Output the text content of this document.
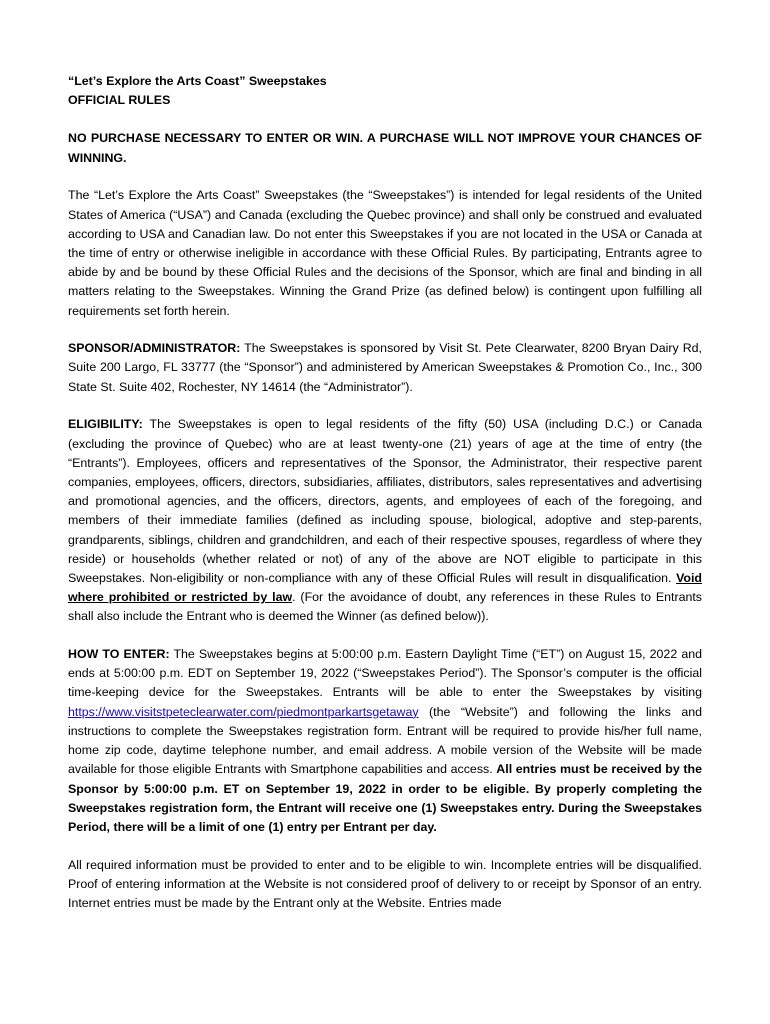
“Let’s Explore the Arts Coast” Sweepstakes
OFFICIAL RULES

NO PURCHASE NECESSARY TO ENTER OR WIN. A PURCHASE WILL NOT IMPROVE YOUR CHANCES OF WINNING.

The “Let’s Explore the Arts Coast” Sweepstakes (the “Sweepstakes”) is intended for legal residents of the United States of America (“USA”) and Canada (excluding the Quebec province) and shall only be construed and evaluated according to USA and Canadian law. Do not enter this Sweepstakes if you are not located in the USA or Canada at the time of entry or otherwise ineligible in accordance with these Official Rules. By participating, Entrants agree to abide by and be bound by these Official Rules and the decisions of the Sponsor, which are final and binding in all matters relating to the Sweepstakes. Winning the Grand Prize (as defined below) is contingent upon fulfilling all requirements set forth herein.

SPONSOR/ADMINISTRATOR: The Sweepstakes is sponsored by Visit St. Pete Clearwater, 8200 Bryan Dairy Rd, Suite 200 Largo, FL 33777 (the “Sponsor”) and administered by American Sweepstakes & Promotion Co., Inc., 300 State St. Suite 402, Rochester, NY 14614 (the “Administrator”).

ELIGIBILITY: The Sweepstakes is open to legal residents of the fifty (50) USA (including D.C.) or Canada (excluding the province of Quebec) who are at least twenty-one (21) years of age at the time of entry (the “Entrants”). Employees, officers and representatives of the Sponsor, the Administrator, their respective parent companies, employees, officers, directors, subsidiaries, affiliates, distributors, sales representatives and advertising and promotional agencies, and the officers, directors, agents, and employees of each of the foregoing, and members of their immediate families (defined as including spouse, biological, adoptive and step-parents, grandparents, siblings, children and grandchildren, and each of their respective spouses, regardless of where they reside) or households (whether related or not) of any of the above are NOT eligible to participate in this Sweepstakes. Non-eligibility or non-compliance with any of these Official Rules will result in disqualification. Void where prohibited or restricted by law. (For the avoidance of doubt, any references in these Rules to Entrants shall also include the Entrant who is deemed the Winner (as defined below)).

HOW TO ENTER: The Sweepstakes begins at 5:00:00 p.m. Eastern Daylight Time (“ET”) on August 15, 2022 and ends at 5:00:00 p.m. EDT on September 19, 2022 (“Sweepstakes Period”). The Sponsor’s computer is the official time-keeping device for the Sweepstakes. Entrants will be able to enter the Sweepstakes by visiting https://www.visitstpeteclearwater.com/piedmontparkartsgetaway (the “Website”) and following the links and instructions to complete the Sweepstakes registration form. Entrant will be required to provide his/her full name, home zip code, daytime telephone number, and email address. A mobile version of the Website will be made available for those eligible Entrants with Smartphone capabilities and access. All entries must be received by the Sponsor by 5:00:00 p.m. ET on September 19, 2022 in order to be eligible. By properly completing the Sweepstakes registration form, the Entrant will receive one (1) Sweepstakes entry. During the Sweepstakes Period, there will be a limit of one (1) entry per Entrant per day.

All required information must be provided to enter and to be eligible to win. Incomplete entries will be disqualified. Proof of entering information at the Website is not considered proof of delivery to or receipt by Sponsor of an entry. Internet entries must be made by the Entrant only at the Website. Entries made
